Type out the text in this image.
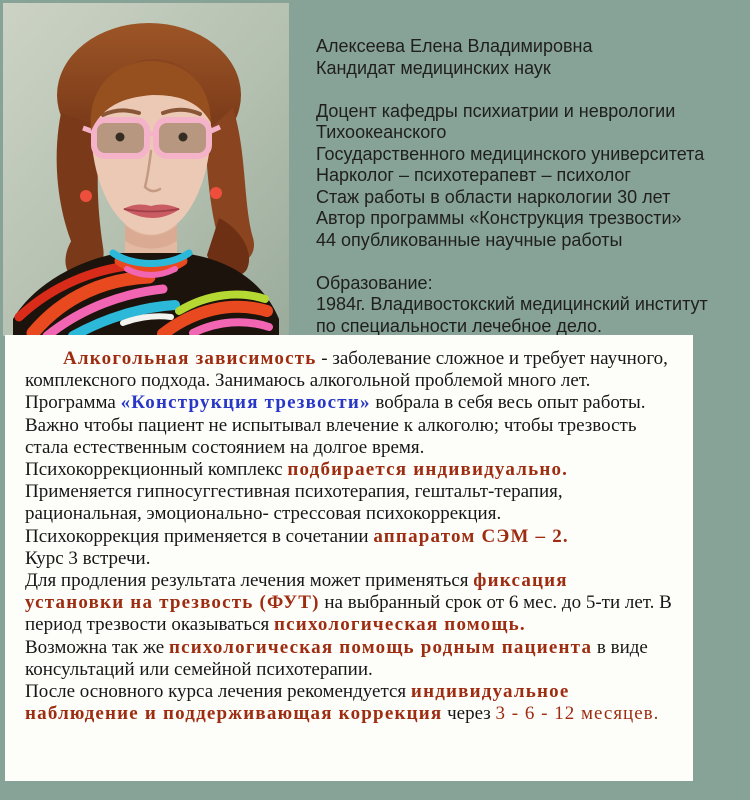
Алексеева Елена Владимировна
Кандидат медицинских наук
Доцент кафедры психиатрии и неврологии
Тихоокеанского
Государственного медицинского университета
Нарколог – психотерапевт – психолог
Стаж работы в области наркологии 30 лет
Автор программы «Конструкция трезвости»
44 опубликованные научные работы
Образование:
1984г. Владивостокский медицинский институт
по специальности лечебное дело.
Алкогольная зависимость - заболевание сложное и требует научного, комплексного подхода. Занимаюсь алкогольной проблемой много лет. Программа «Конструкция трезвости» вобрала в себя весь опыт работы. Важно чтобы пациент не испытывал влечение к алкоголю; чтобы трезвость стала естественным состоянием на долгое время.
Психокоррекционный комплекс подбирается индивидуально. Применяется гипносуггестивная психотерапия, гештальт-терапия, рациональная, эмоционально- стрессовая психокоррекция.
Психокоррекция применяется в сочетании аппаратом СЭМ – 2.
Курс 3 встречи.
Для продления результата лечения может применяться фиксация установки на трезвость (ФУТ) на выбранный срок от 6 мес. до 5-ти лет. В период трезвости оказываться психологическая помощь.
Возможна так же психологическая помощь родным пациента в виде консультаций или семейной психотерапии.
После основного курса лечения рекомендуется индивидуальное наблюдение и поддерживающая коррекция через 3 - 6 - 12 месяцев.
